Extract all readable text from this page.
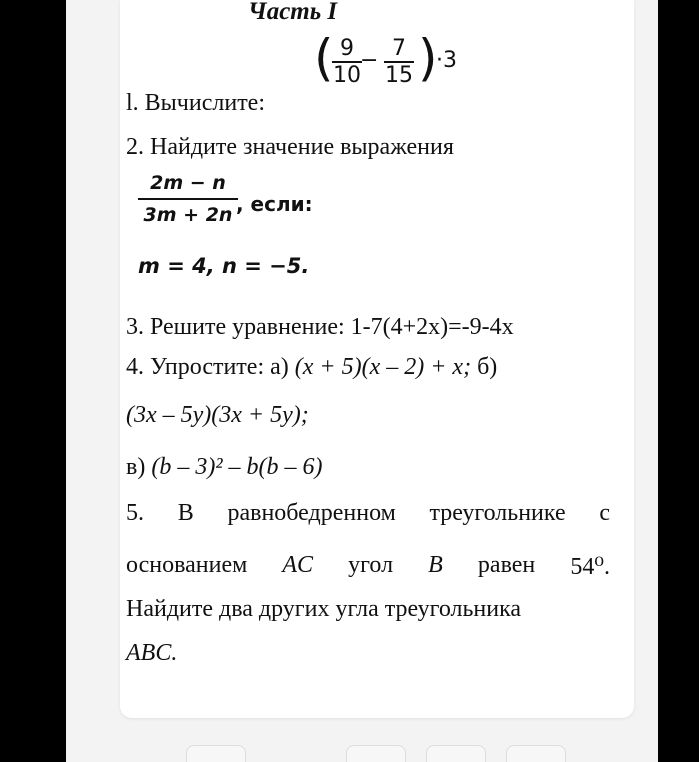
Часть I
(
$\frac{9}{10}$
− $\frac{7}{15}$ )
·3
l. Вычислите:
2. Найдите значение выражения
$\frac{2m - n}{3m + 2n}$
, если:
m = 4, n = −5.
3. Решите уравнение: 1-7(4+2x)=-9-4x
4. Упростите: а) (x + 5)(x – 2) + x; б)
(3x – 5y)(3x + 5y);
в) (b – 3)² – b(b – 6)
5. В равнобедренном треугольнике с
основанием AC угол B равен 54⁰.
Найдите два других угла треугольника
ABC.
